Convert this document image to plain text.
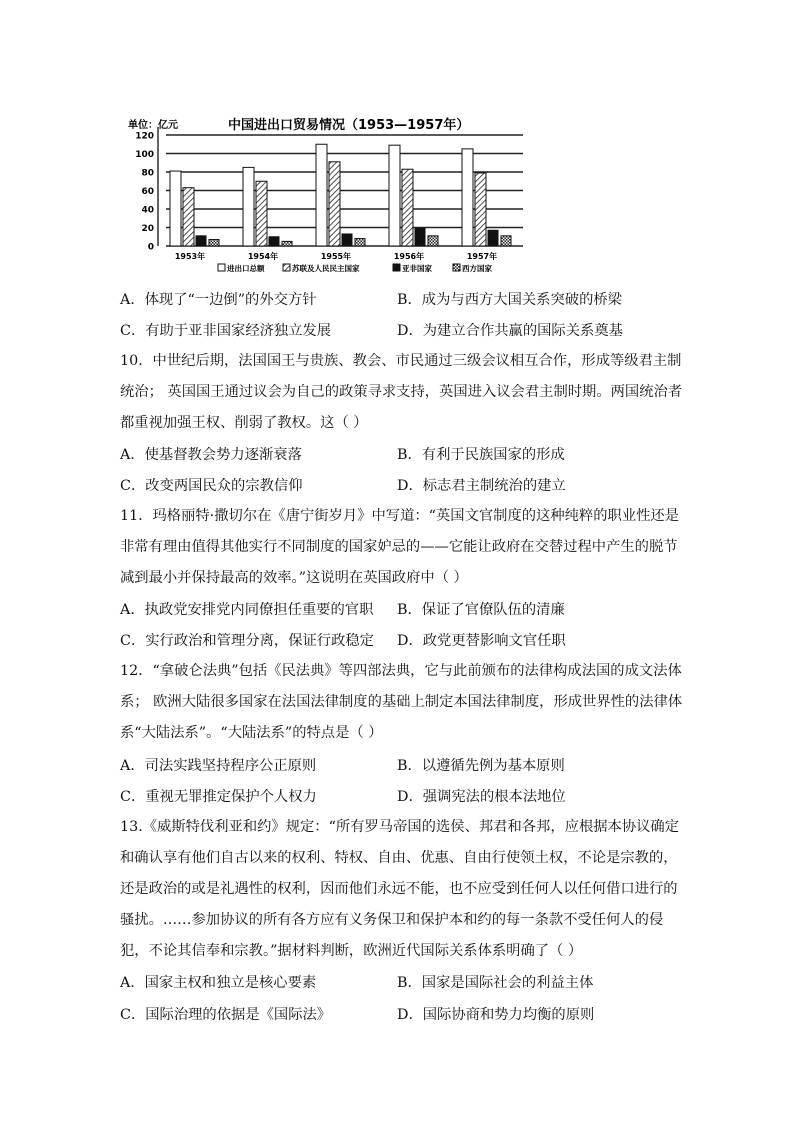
单位：亿元	中国进出口贸易情况（1953—1957年）
0
20
40
60
80
100
120
1953年	1954年	1955年	1956年	1957年
进出口总额	苏联及人民民主国家	亚非国家	西方国家
A．体现了“一边倒”的外交方针	B．成为与西方大国关系突破的桥梁
C．有助于亚非国家经济独立发展	D．为建立合作共赢的国际关系奠基
10．中世纪后期，法国国王与贵族、教会、市民通过三级会议相互合作，形成等级君主制
统治； 英国国王通过议会为自己的政策寻求支持，英国进入议会君主制时期。两国统治者
都重视加强王权、削弱了教权。这（ ）
A．使基督教会势力逐渐衰落	B．有利于民族国家的形成
C．改变两国民众的宗教信仰	D．标志君主制统治的建立
11．玛格丽特·撒切尔在《唐宁街岁月》中写道：“英国文官制度的这种纯粹的职业性还是
非常有理由值得其他实行不同制度的国家妒忌的——它能让政府在交替过程中产生的脱节
减到最小并保持最高的效率。”这说明在英国政府中（ ）
A．执政党安排党内同僚担任重要的官职 B．保证了官僚队伍的清廉
C．实行政治和管理分离，保证行政稳定 D．政党更替影响文官任职
12．“拿破仑法典”包括《民法典》等四部法典，它与此前颁布的法律构成法国的成文法体
系； 欧洲大陆很多国家在法国法律制度的基础上制定本国法律制度，形成世界性的法律体
系“大陆法系”。“大陆法系”的特点是（ ）
A．司法实践坚持程序公正原则	B．以遵循先例为基本原则
C．重视无罪推定保护个人权力	D．强调宪法的根本法地位
13.《威斯特伐利亚和约》规定：“所有罗马帝国的选侯、邦君和各邦，应根据本协议确定
和确认享有他们自古以来的权利、特权、自由、优惠、自由行使领土权，不论是宗教的，
还是政治的或是礼遇性的权利，因而他们永远不能，也不应受到任何人以任何借口进行的
骚扰。……参加协议的所有各方应有义务保卫和保护本和约的每一条款不受任何人的侵
犯，不论其信奉和宗教。”据材料判断，欧洲近代国际关系体系明确了（ ）
A．国家主权和独立是核心要素	B．国家是国际社会的利益主体
C．国际治理的依据是《国际法》	D．国际协商和势力均衡的原则
